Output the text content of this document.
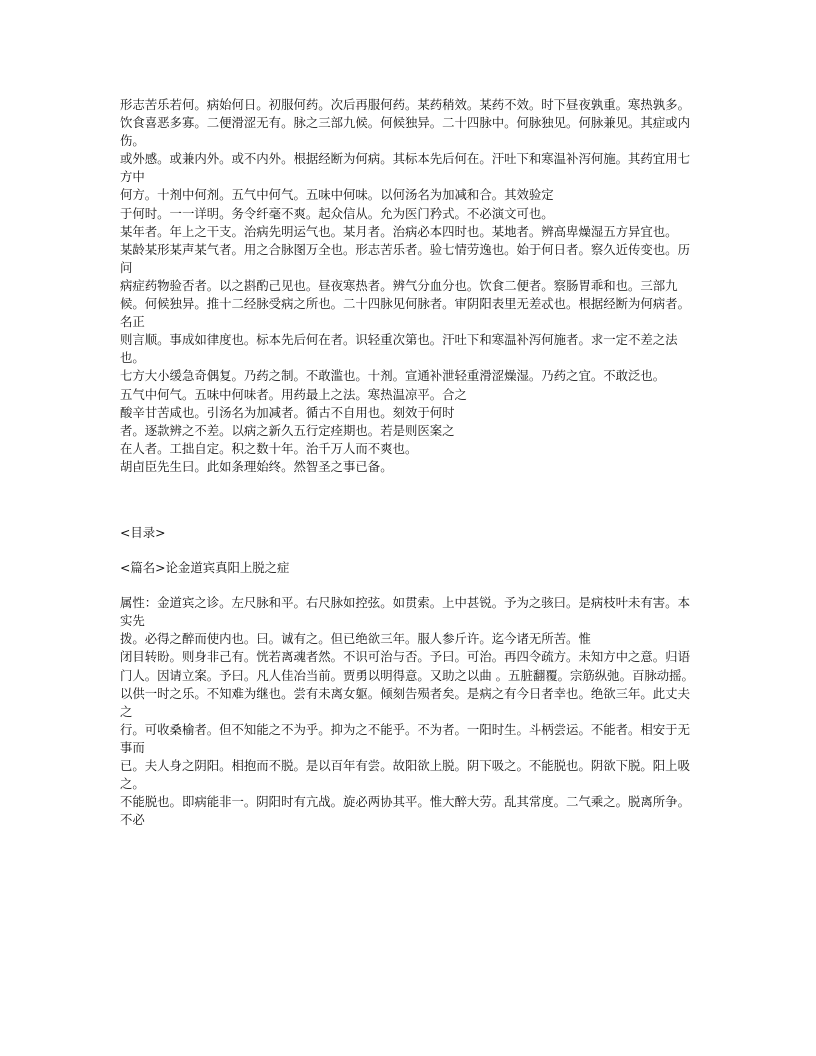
形志苦乐若何。病始何日。初服何药。次后再服何药。某药稍效。某药不效。时下昼夜孰重。寒热孰多。

饮食喜恶多寡。二便滑涩无有。脉之三部九候。何候独异。二十四脉中。何脉独见。何脉兼见。其症或内伤。

或外感。或兼内外。或不内外。根据经断为何病。其标本先后何在。汗吐下和寒温补泻何施。其药宜用七方中

何方。十剂中何剂。五气中何气。五味中何味。以何汤名为加减和合。其效验定

于何时。一一详明。务令纤毫不爽。起众信从。允为医门矜式。不必演文可也。

某年者。年上之干支。治病先明运气也。某月者。治病必本四时也。某地者。辨高卑燥湿五方异宜也。

某龄某形某声某气者。用之合脉图万全也。形志苦乐者。验七情劳逸也。始于何日者。察久近传变也。历问

病症药物验否者。以之斟酌己见也。昼夜寒热者。辨气分血分也。饮食二便者。察肠胃乖和也。三部九

候。何候独异。推十二经脉受病之所也。二十四脉见何脉者。审阴阳表里无差忒也。根据经断为何病者。名正

则言顺。事成如律度也。标本先后何在者。识轻重次第也。汗吐下和寒温补泻何施者。求一定不差之法也。

七方大小缓急奇偶复。乃药之制。不敢滥也。十剂。宣通补泄轻重滑涩燥湿。乃药之宜。不敢泛也。

五气中何气。五味中何味者。用药最上之法。寒热温凉平。合之

酸辛甘苦咸也。引汤名为加减者。循古不自用也。刻效于何时

者。逐款辨之不差。以病之新久五行定痊期也。若是则医案之

在人者。工拙自定。积之数十年。治千万人而不爽也。

胡卣臣先生曰。此如条理始终。然智圣之事已备。

<目录>

<篇名>论金道宾真阳上脱之症

属性：金道宾之诊。左尺脉和平。右尺脉如控弦。如贯索。上中甚锐。予为之骇曰。是病枝叶未有害。本实先

拨。必得之醉而使内也。曰。诚有之。但已绝欲三年。服人参斤许。迄今诸无所苦。惟

闭目转盼。则身非己有。恍若离魂者然。不识可治与否。予曰。可治。再四令疏方。未知方中之意。归语

门人。因请立案。予曰。凡人佳冶当前。贾勇以明得意。又助之以曲 。五脏翻覆。宗筋纵弛。百脉动摇。

以供一时之乐。不知难为继也。尝有未离女躯。倾刻告殒者矣。是病之有今日者幸也。绝欲三年。此丈夫之

行。可收桑榆者。但不知能之不为乎。抑为之不能乎。不为者。一阳时生。斗柄尝运。不能者。相安于无事而

已。夫人身之阴阳。相抱而不脱。是以百年有尝。故阳欲上脱。阴下吸之。不能脱也。阴欲下脱。阳上吸之。

不能脱也。即病能非一。阴阳时有亢战。旋必两协其平。惟大醉大劳。乱其常度。二气乘之。脱离所争。不必
